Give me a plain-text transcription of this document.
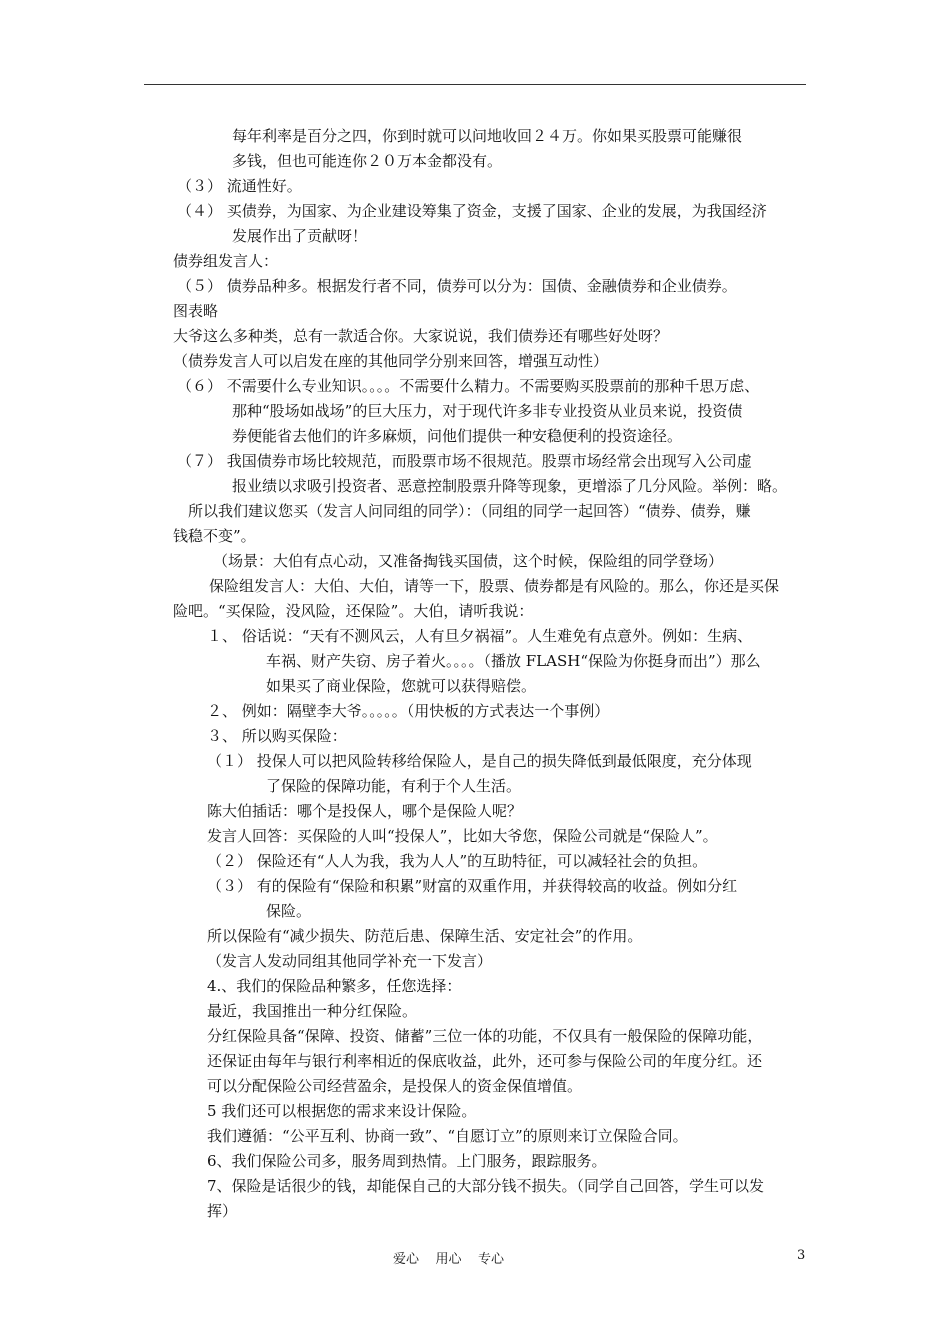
每年利率是百分之四，你到时就可以问地收回２４万。你如果买股票可能赚很
多钱，但也可能连你２０万本金都没有。
（３） 流通性好。
（４） 买债券，为国家、为企业建设筹集了资金，支援了国家、企业的发展，为我国经济
发展作出了贡献呀！
债券组发言人：
（５） 债券品种多。根据发行者不同，债券可以分为：国债、金融债券和企业债券。
图表略
大爷这么多种类，总有一款适合你。大家说说，我们债券还有哪些好处呀？
（债券发言人可以启发在座的其他同学分别来回答，增强互动性）
（６） 不需要什么专业知识。。。。不需要什么精力。不需要购买股票前的那种千思万虑、
那种“股场如战场”的巨大压力，对于现代许多非专业投资从业员来说，投资债
券便能省去他们的许多麻烦，问他们提供一种安稳便利的投资途径。
（７） 我国债券市场比较规范，而股票市场不很规范。股票市场经常会出现写入公司虚
报业绩以求吸引投资者、恶意控制股票升降等现象，更增添了几分风险。举例：略。
所以我们建议您买（发言人问同组的同学）：（同组的同学一起回答）“债券、债券，赚
钱稳不变”。
（场景：大伯有点心动，又准备掏钱买国债，这个时候，保险组的同学登场）
保险组发言人：大伯、大伯，请等一下，股票、债券都是有风险的。那么，你还是买保
险吧。“买保险，没风险，还保险”。大伯，请听我说：
１、 俗话说：“天有不测风云，人有旦夕祸福”。人生难免有点意外。例如：生病、
车祸、财产失窃、房子着火。。。。（播放 FLASH“保险为你挺身而出”）那么
如果买了商业保险，您就可以获得赔偿。
２、 例如：隔壁李大爷。。。。。（用快板的方式表达一个事例）
３、 所以购买保险：
（１） 投保人可以把风险转移给保险人，是自己的损失降低到最低限度，充分体现
了保险的保障功能，有利于个人生活。
陈大伯插话：哪个是投保人，哪个是保险人呢？
发言人回答：买保险的人叫“投保人”，比如大爷您，保险公司就是“保险人”。
（２） 保险还有“人人为我，我为人人”的互助特征，可以减轻社会的负担。
（３） 有的保险有“保险和积累”财富的双重作用，并获得较高的收益。例如分红
保险。
所以保险有“减少损失、防范后患、保障生活、安定社会”的作用。
（发言人发动同组其他同学补充一下发言）
4.、我们的保险品种繁多，任您选择：
最近，我国推出一种分红保险。
分红保险具备“保障、投资、储蓄”三位一体的功能，不仅具有一般保险的保障功能，
还保证由每年与银行利率相近的保底收益，此外，还可参与保险公司的年度分红。还
可以分配保险公司经营盈余，是投保人的资金保值增值。
5 我们还可以根据您的需求来设计保险。
我们遵循：“公平互利、协商一致”、“自愿订立”的原则来订立保险合同。
6、我们保险公司多，服务周到热情。上门服务，跟踪服务。
7、保险是话很少的钱，却能保自己的大部分钱不损失。（同学自己回答，学生可以发
挥）
爱心    用心    专心	3
